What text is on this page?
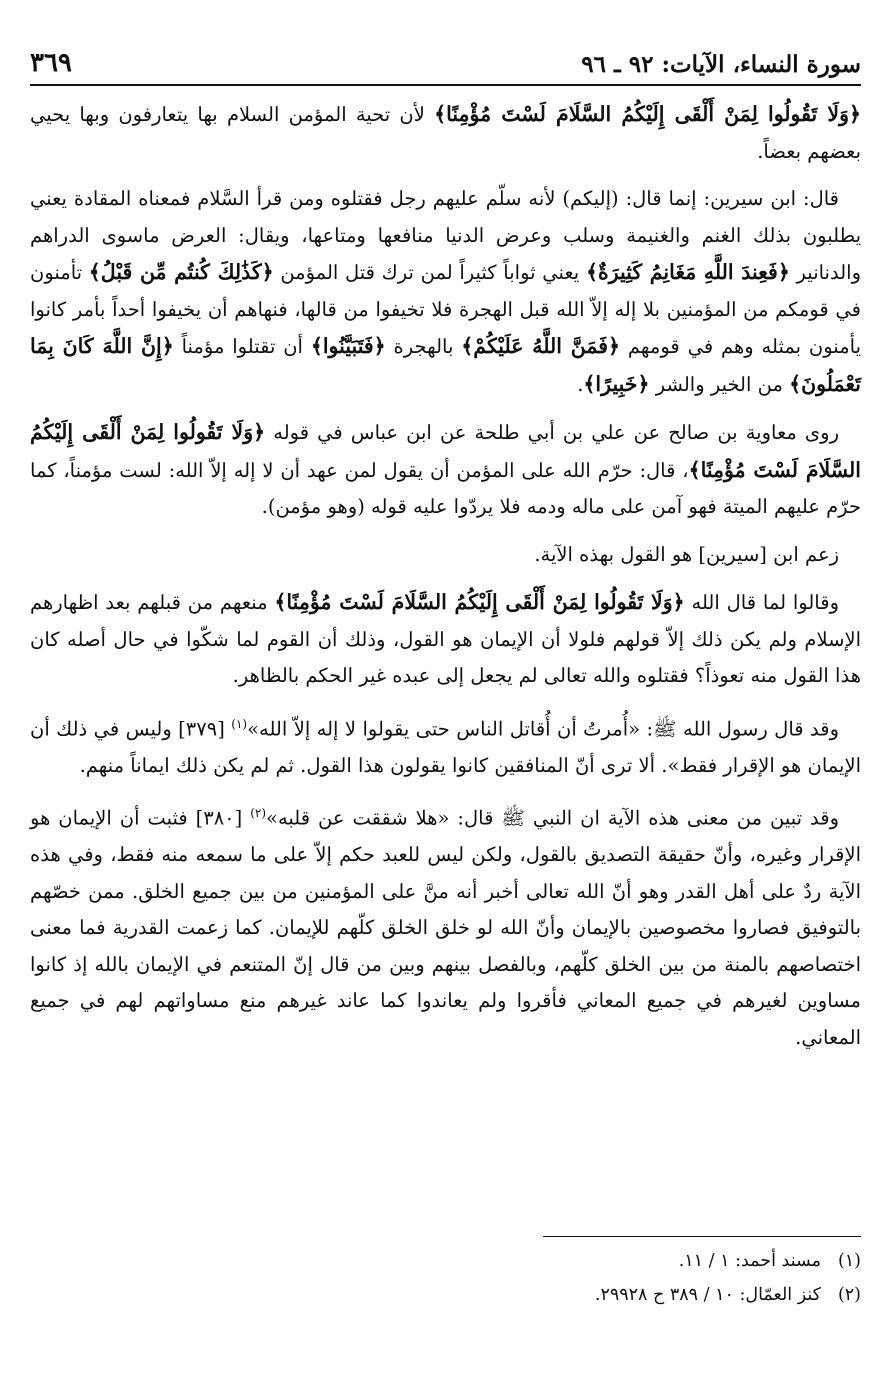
سورة النساء، الآيات: ٩٢ ـ ٩٦
٣٦٩

﴿وَلَا تَقُولُوا لِمَنْ أَلْقَى إِلَيْكُمُ السَّلَامَ لَسْتَ مُؤْمِنًا﴾ لأن تحية المؤمن السلام بها يتعارفون وبها يحيي بعضهم بعضاً.

قال: ابن سيرين: إنما قال: (إليكم) لأنه سلّم عليهم رجل فقتلوه ومن قرأ السَّلام فمعناه المقادة يعني يطلبون بذلك الغنم والغنيمة وسلب وعرض الدنيا منافعها ومتاعها، ويقال: العرض ماسوى الدراهم والدنانير ﴿فَعِندَ اللَّهِ مَغَانِمُ كَثِيرَةٌ﴾ يعني ثواباً كثيراً لمن ترك قتل المؤمن ﴿كَذَٰلِكَ كُنتُم مِّن قَبْلُ﴾ تأمنون في قومكم من المؤمنين بلا إله إلاّ الله قبل الهجرة فلا تخيفوا من قالها، فنهاهم أن يخيفوا أحداً بأمر كانوا يأمنون بمثله وهم في قومهم ﴿فَمَنَّ اللَّهُ عَلَيْكُمْ﴾ بالهجرة ﴿فَتَبَيَّنُوا﴾ أن تقتلوا مؤمناً ﴿إِنَّ اللَّهَ كَانَ بِمَا تَعْمَلُونَ﴾ من الخير والشر ﴿خَبِيرًا﴾.

روى معاوية بن صالح عن علي بن أبي طلحة عن ابن عباس في قوله ﴿وَلَا تَقُولُوا لِمَنْ أَلْقَى إِلَيْكُمُ السَّلَامَ لَسْتَ مُؤْمِنًا﴾، قال: حرّم الله على المؤمن أن يقول لمن عهد أن لا إله إلاّ الله: لست مؤمناً، كما حرّم عليهم الميتة فهو آمن على ماله ودمه فلا يردّوا عليه قوله (وهو مؤمن).

زعم ابن [سيرين] هو القول بهذه الآية.

وقالوا لما قال الله ﴿وَلَا تَقُولُوا لِمَنْ أَلْقَى إِلَيْكُمُ السَّلَامَ لَسْتَ مُؤْمِنًا﴾ منعهم من قبلهم بعد اظهارهم الإسلام ولم يكن ذلك إلاّ قولهم فلولا أن الإيمان هو القول، وذلك أن القوم لما شكّوا في حال أصله كان هذا القول منه تعوذاً؟ فقتلوه والله تعالى لم يجعل إلى عبده غير الحكم بالظاهر.

وقد قال رسول الله ﷺ: «أُمرتُ أن أُقاتل الناس حتى يقولوا لا إله إلاّ الله»$^{(١)}$ [٣٧٩] وليس في ذلك أن الإيمان هو الإقرار فقط». ألا ترى أنّ المنافقين كانوا يقولون هذا القول. ثم لم يكن ذلك ايماناً منهم.

وقد تبين من معنى هذه الآية ان النبي ﷺ قال: «هلا شققت عن قلبه»$^{(٢)}$ [٣٨٠] فثبت أن الإيمان هو الإقرار وغيره، وأنّ حقيقة التصديق بالقول، ولكن ليس للعبد حكم إلاّ على ما سمعه منه فقط، وفي هذه الآية ردٌ على أهل القدر وهو أنّ الله تعالى أخبر أنه منَّ على المؤمنين من بين جميع الخلق. ممن خصّهم بالتوفيق فصاروا مخصوصين بالإيمان وأنّ الله لو خلق الخلق كلّهم للإيمان. كما زعمت القدرية فما معنى اختصاصهم بالمنة من بين الخلق كلّهم، وبالفصل بينهم وبين من قال إنّ المتنعم في الإيمان بالله إذ كانوا مساوين لغيرهم في جميع المعاني فأقروا ولم يعاندوا كما عاند غيرهم منع مساواتهم لهم في جميع المعاني.

(١)
مسند أحمد: ١ / ١١.
(٢)
كنز العمّال: ١٠ / ٣٨٩ ح ٢٩٩٢٨.
